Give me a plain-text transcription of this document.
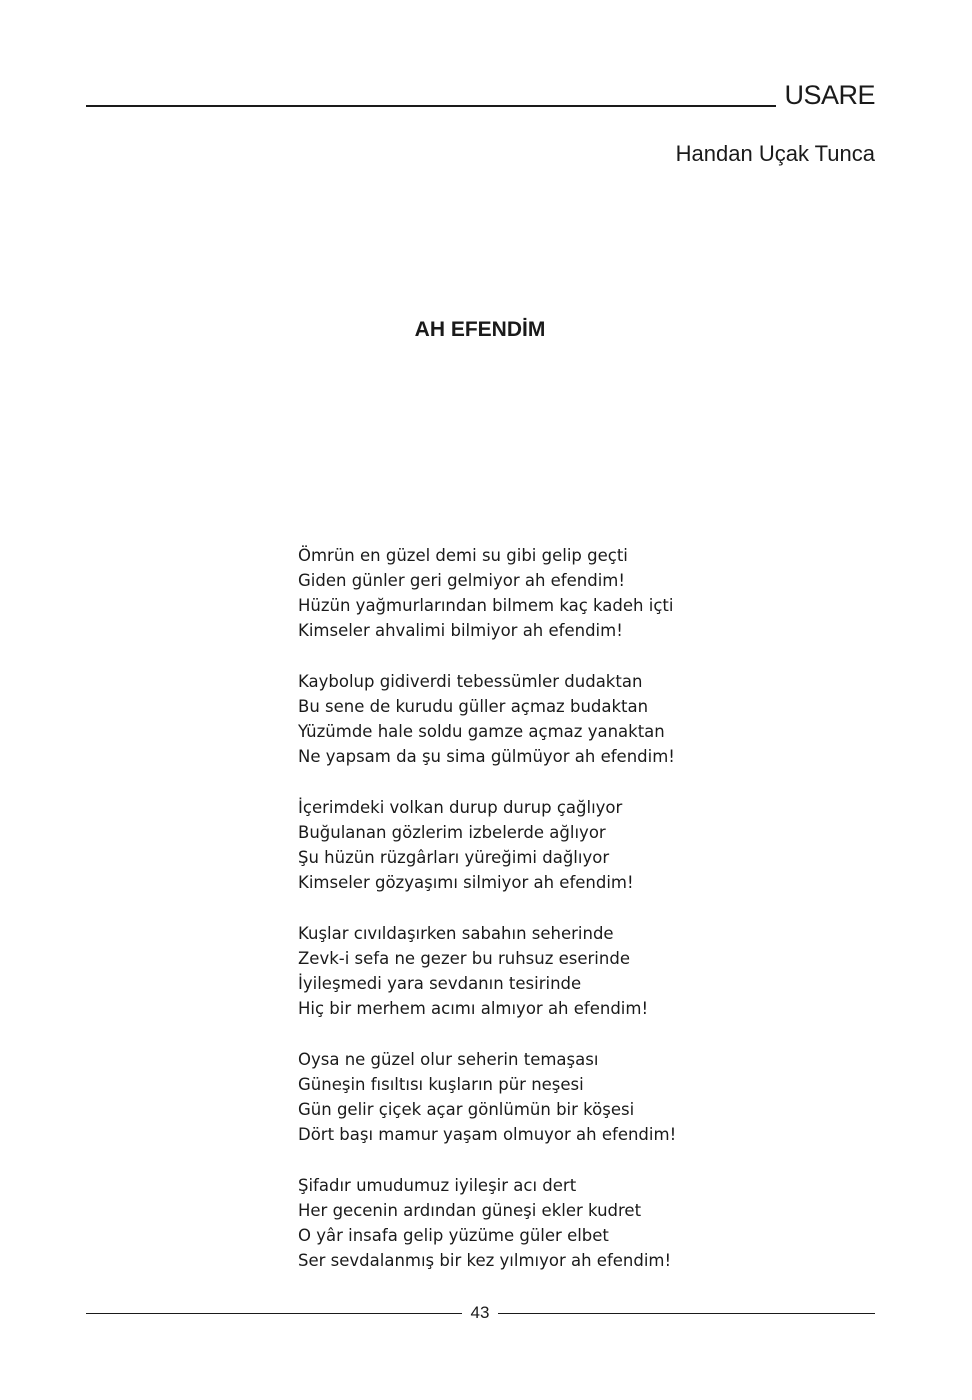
USARE
Handan Uçak Tunca
AH EFENDİM
Ömrün en güzel demi su gibi gelip geçti
Giden günler geri gelmiyor ah efendim!
Hüzün yağmurlarından bilmem kaç kadeh içti
Kimseler ahvalimi bilmiyor ah efendim!
Kaybolup gidiverdi tebessümler dudaktan
Bu sene de kurudu güller açmaz budaktan
Yüzümde hale soldu gamze açmaz yanaktan
Ne yapsam da şu sima gülmüyor ah efendim!
İçerimdeki volkan durup durup çağlıyor
Buğulanan gözlerim izbelerde ağlıyor
Şu hüzün rüzgârları yüreğimi dağlıyor
Kimseler gözyaşımı silmiyor ah efendim!
Kuşlar cıvıldaşırken sabahın seherinde
Zevk-i sefa ne gezer bu ruhsuz eserinde
İyileşmedi yara sevdanın tesirinde
Hiç bir merhem acımı almıyor ah efendim!
Oysa ne güzel olur seherin temaşası
Güneşin fısıltısı kuşların pür neşesi
Gün gelir çiçek açar gönlümün bir köşesi
Dört başı mamur yaşam olmuyor ah efendim!
Şifadır umudumuz iyileşir acı dert
Her gecenin ardından güneşi ekler kudret
O yâr insafa gelip yüzüme güler elbet
Ser sevdalanmış bir kez yılmıyor ah efendim!
43
